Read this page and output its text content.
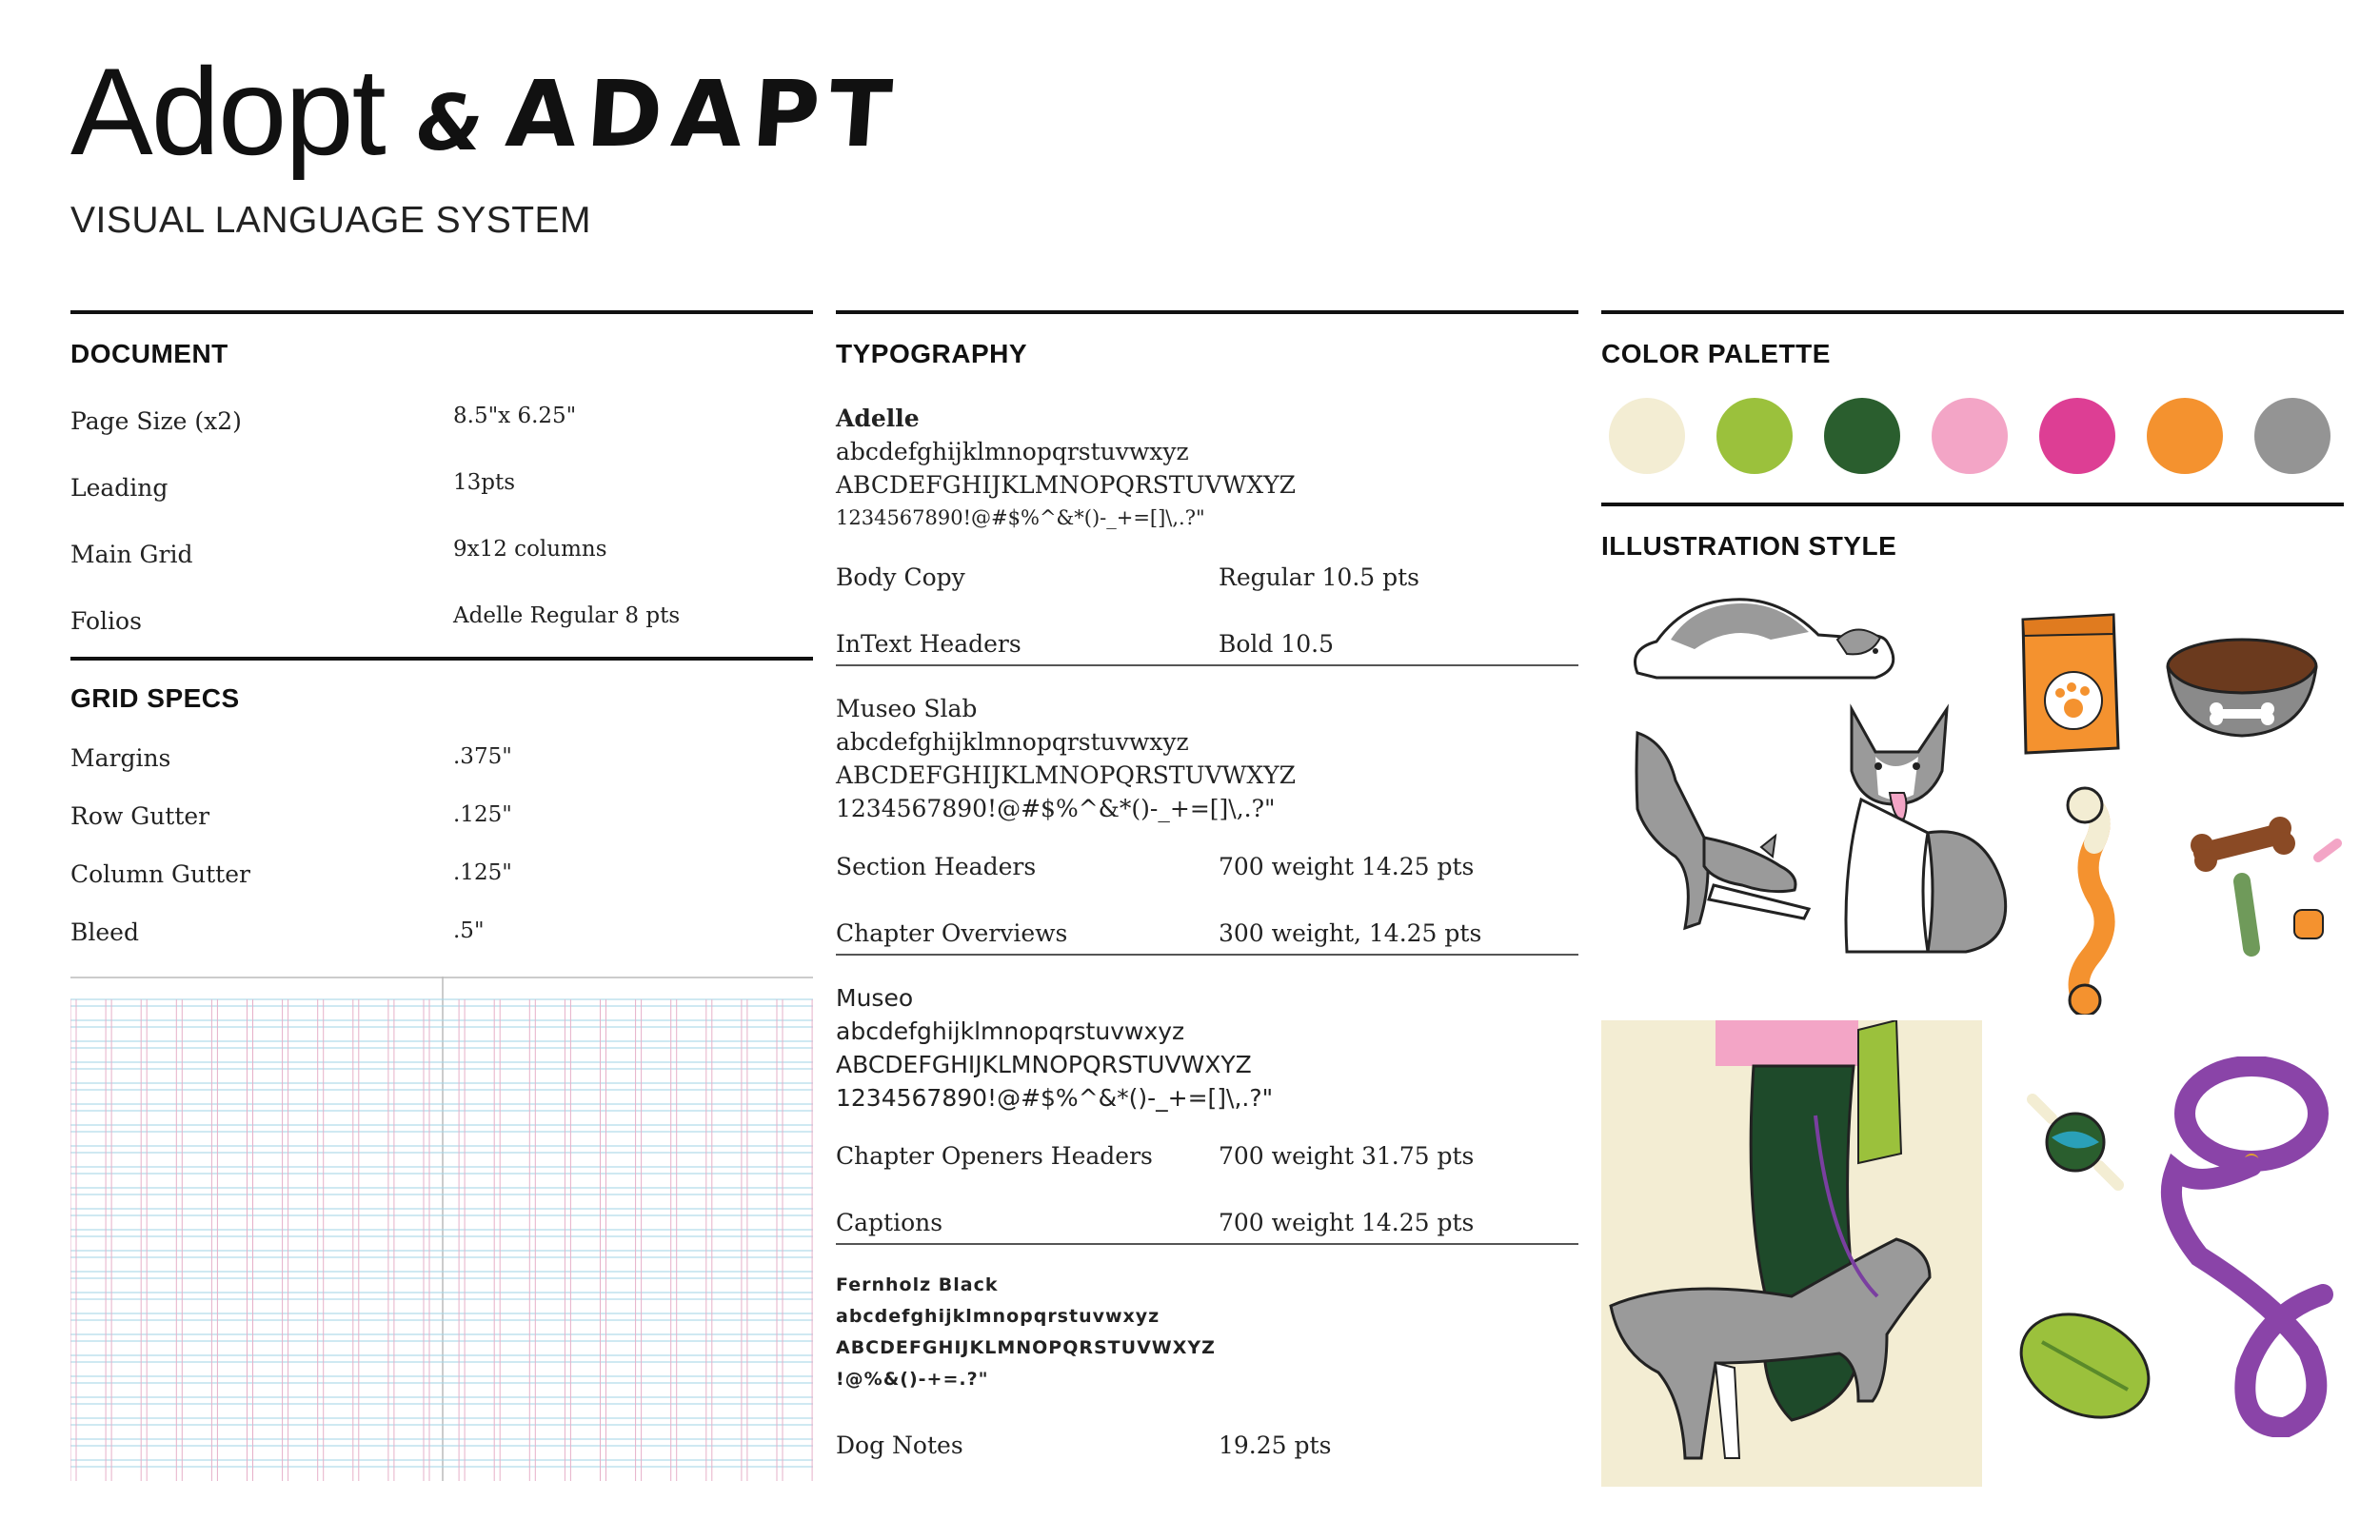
Adopt & ADAPT
VISUAL LANGUAGE SYSTEM
DOCUMENT
Page Size (x2)	8.5"x 6.25"
Leading	13pts
Main Grid	9x12 columns
Folios	Adelle Regular 8 pts
GRID SPECS
Margins	.375"
Row Gutter	.125"
Column Gutter	.125"
Bleed	.5"
TYPOGRAPHY
Adelle
abcdefghijklmnopqrstuvwxyz
ABCDEFGHIJKLMNOPQRSTUVWXYZ
1234567890!@#$%^&*()-_+=[]\,.?"
Body Copy	Regular 10.5 pts
InText Headers	Bold 10.5
Museo Slab
abcdefghijklmnopqrstuvwxyz
ABCDEFGHIJKLMNOPQRSTUVWXYZ
1234567890!@#$%^&*()-_+=[]\,.?"
Section Headers	700 weight 14.25 pts
Chapter Overviews	300 weight, 14.25 pts
Museo
abcdefghijklmnopqrstuvwxyz
ABCDEFGHIJKLMNOPQRSTUVWXYZ
1234567890!@#$%^&*()-_+=[]\,.?"
Chapter Openers Headers	700 weight 31.75 pts
Captions	700 weight 14.25 pts
Fernholz Black
abcdefghijklmnopqrstuvwxyz
ABCDEFGHIJKLMNOPQRSTUVWXYZ
!@%&()-+=.?"
Dog Notes	19.25 pts
COLOR PALETTE
ILLUSTRATION STYLE
